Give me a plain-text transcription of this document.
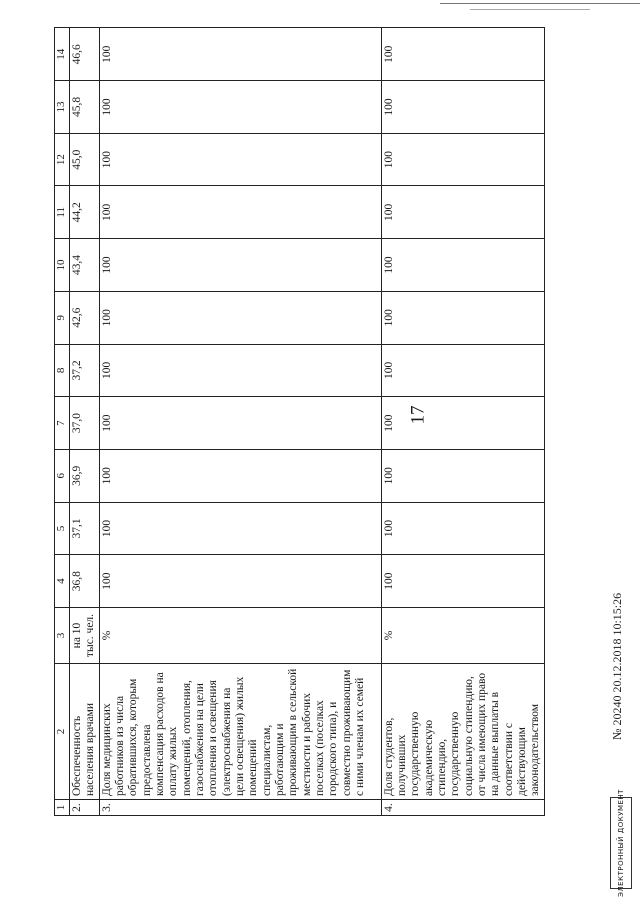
17
1	2	3	4	5	6	7	8	9	10	11	12	13	14
2.	Обеспеченность населения врачами	на 10 тыс. чел.	36,8	37,1	36,9	37,0	37,2	42,6	43,4	44,2	45,0	45,8	46,6
3.	Доля медицинских работников из числа обратившихся, которым предоставлена компенсация расходов на оплату жилых помещений, отопления, газоснабжения на цели отопления и освещения (электроснабжения на цели освещения) жилых помещений специалистам, работающим и проживающим в сельской местности и рабочих поселках (поселках городского типа), и совместно проживающим с ними членам их семей	%	100	100	100	100	100	100	100	100	100	100	100
4.	Доля студентов, получивших государственную академическую стипендию, государственную социальную стипендию, от числа имеющих право на данные выплаты в соответствии с действующим законодательством	%	100	100	100	100	100	100	100	100	100	100	100
ЭЛЕКТРОННЫЙ ДОКУМЕНТ
№ 20240 20.12.2018 10:15:26
